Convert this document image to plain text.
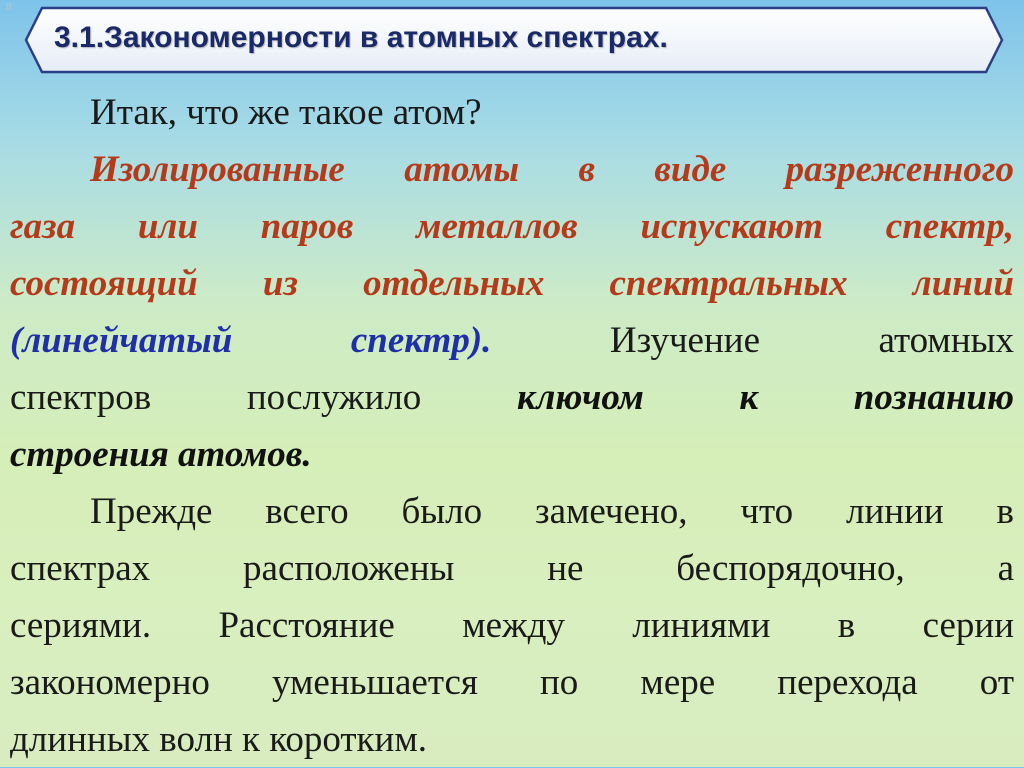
8
3.1.Закономерности в атомных спектрах.
Итак, что же такое атом?
Изолированные атомы в виде разреженного
газа или паров металлов испускают спектр,
состоящий из отдельных спектральных линий
(линейчатый спектр).	Изучение атомных
спектров послужило	ключом к познанию
строения атомов.
Прежде всего было замечено, что линии в
спектрах расположены не беспорядочно, а
сериями. Расстояние между линиями в серии
закономерно уменьшается по мере перехода от
длинных волн к коротким.
